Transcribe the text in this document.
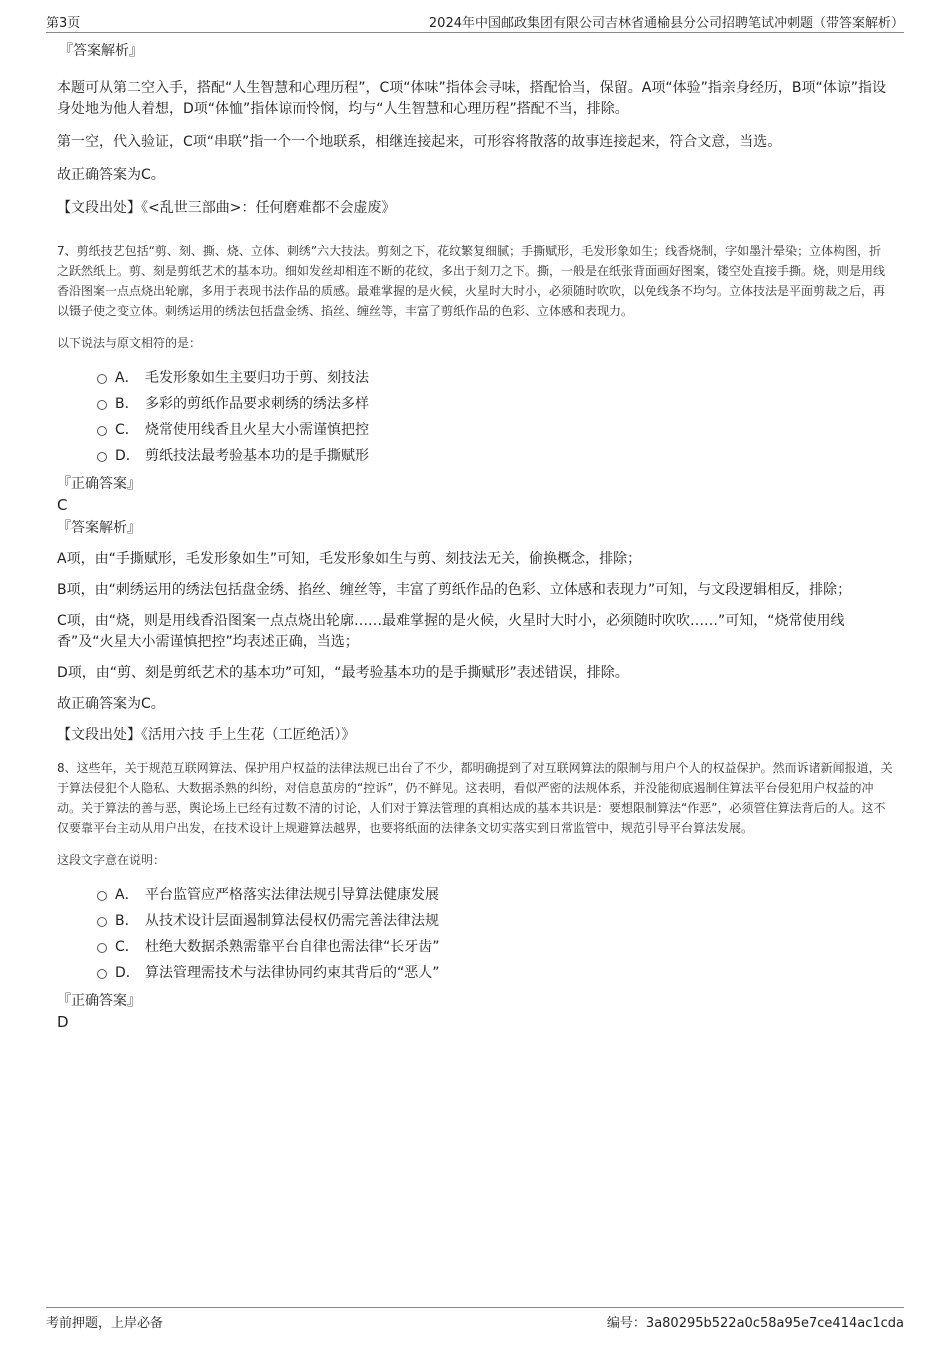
第3页	2024年中国邮政集团有限公司吉林省通榆县分公司招聘笔试冲刺题（带答案解析）
『答案解析』

本题可从第二空入手，搭配“人生智慧和心理历程”，C项“体味”指体会寻味，搭配恰当，保留。A项“体验”指亲身经历，B项“体谅”指设身处地为他人着想，D项“体恤”指体谅而怜悯，均与“人生智慧和心理历程”搭配不当，排除。

第一空，代入验证，C项“串联”指一个一个地联系，相继连接起来，可形容将散落的故事连接起来，符合文意，当选。

故正确答案为C。

【文段出处】《<乱世三部曲>：任何磨难都不会虚废》

7、剪纸技艺包括“剪、刻、撕、烧、立体、刺绣”六大技法。剪刻之下，花纹繁复细腻；手撕赋形，毛发形象如生；线香烧制，字如墨汁晕染；立体构图，折之跃然纸上。剪、刻是剪纸艺术的基本功。细如发丝却相连不断的花纹，多出于刻刀之下。撕，一般是在纸张背面画好图案，镂空处直接手撕。烧，则是用线香沿图案一点点烧出轮廓，多用于表现书法作品的质感。最难掌握的是火候，火星时大时小，必须随时吹吹，以免线条不均匀。立体技法是平面剪裁之后，再以镊子使之变立体。刺绣运用的绣法包括盘金绣、掐丝、缠丝等，丰富了剪纸作品的色彩、立体感和表现力。

以下说法与原文相符的是：

A． 毛发形象如生主要归功于剪、刻技法
B． 多彩的剪纸作品要求刺绣的绣法多样
C． 烧常使用线香且火星大小需谨慎把控
D． 剪纸技法最考验基本功的是手撕赋形
『正确答案』
C
『答案解析』

A项，由“手撕赋形，毛发形象如生”可知，毛发形象如生与剪、刻技法无关，偷换概念，排除；

B项，由“刺绣运用的绣法包括盘金绣、掐丝、缠丝等，丰富了剪纸作品的色彩、立体感和表现力”可知，与文段逻辑相反，排除；

C项，由“烧，则是用线香沿图案一点点烧出轮廓……最难掌握的是火候，火星时大时小，必须随时吹吹……”可知，“烧常使用线香”及“火星大小需谨慎把控”均表述正确，当选；

D项，由“剪、刻是剪纸艺术的基本功”可知，“最考验基本功的是手撕赋形”表述错误，排除。

故正确答案为C。

【文段出处】《活用六技 手上生花（工匠绝活）》

8、这些年，关于规范互联网算法、保护用户权益的法律法规已出台了不少，都明确提到了对互联网算法的限制与用户个人的权益保护。然而诉诸新闻报道，关于算法侵犯个人隐私、大数据杀熟的纠纷，对信息茧房的“控诉”，仍不鲜见。这表明，看似严密的法规体系，并没能彻底遏制住算法平台侵犯用户权益的冲动。关于算法的善与恶，舆论场上已经有过数不清的讨论，人们对于算法管理的真相达成的基本共识是：要想限制算法“作恶”，必须管住算法背后的人。这不仅要靠平台主动从用户出发，在技术设计上规避算法越界，也要将纸面的法律条文切实落实到日常监管中，规范引导平台算法发展。

这段文字意在说明：

A． 平台监管应严格落实法律法规引导算法健康发展
B． 从技术设计层面遏制算法侵权仍需完善法律法规
C． 杜绝大数据杀熟需靠平台自律也需法律“长牙齿”
D． 算法管理需技术与法律协同约束其背后的“恶人”
『正确答案』
D
考前押题，上岸必备	编号：3a80295b522a0c58a95e7ce414ac1cda
